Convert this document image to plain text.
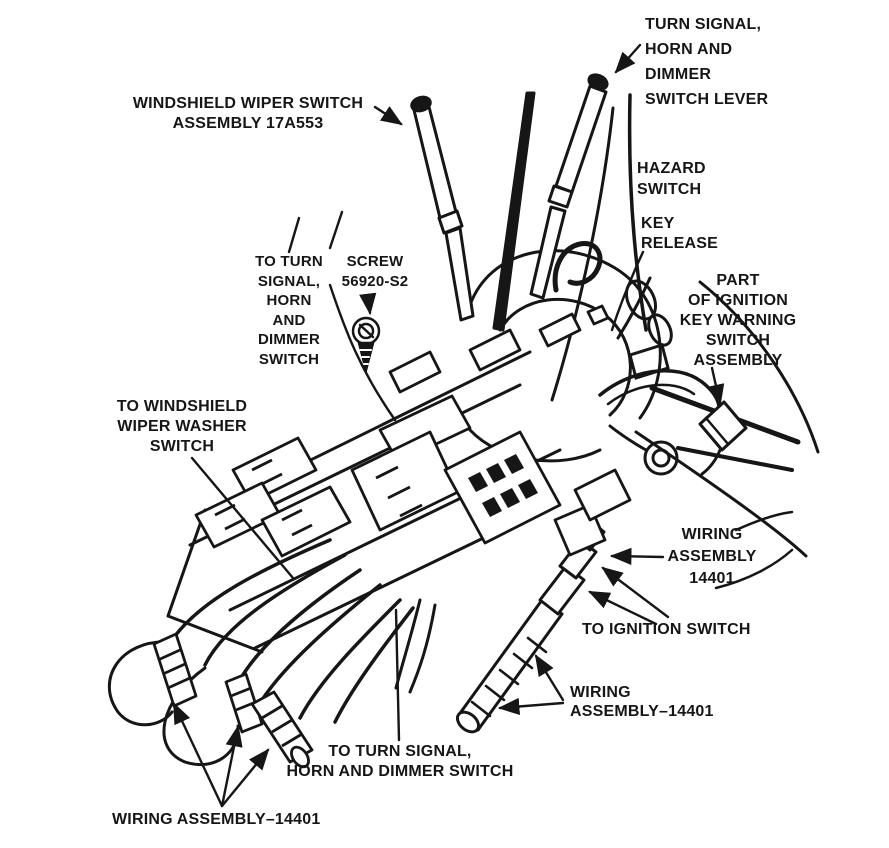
WINDSHIELD WIPER SWITCH
ASSEMBLY 17A553
TURN SIGNAL,
HORN AND
DIMMER
SWITCH LEVER
HAZARD
SWITCH
KEY
RELEASE
PART
OF IGNITION
KEY WARNING
SWITCH
ASSEMBLY
TO TURN
SIGNAL,
HORN
AND
DIMMER
SWITCH
SCREW
56920-S2
TO WINDSHIELD
WIPER WASHER
SWITCH
WIRING
ASSEMBLY
14401
TO IGNITION SWITCH
WIRING
ASSEMBLY–14401
TO TURN SIGNAL,
HORN AND DIMMER SWITCH
WIRING ASSEMBLY–14401
